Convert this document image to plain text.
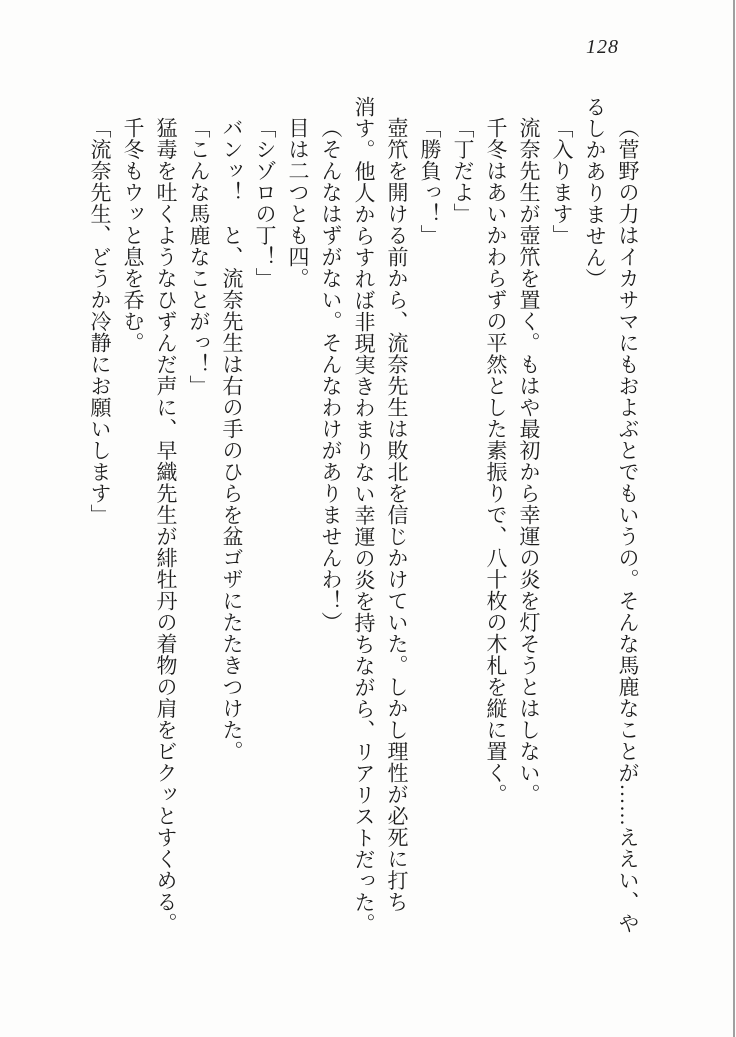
128

（菅野の力はイカサマにもおよぶとでもいうの。そんな馬鹿なことが……ええい、や

るしかありません）

「入ります」

流奈先生が壺笊を置く。もはや最初から幸運の炎を灯そうとはしない。

千冬はあいかわらずの平然とした素振りで、八十枚の木札を縦に置く。

「丁だよ」

「勝負っ！」

壺笊を開ける前から、流奈先生は敗北を信じかけていた。しかし理性が必死に打ち

消す。他人からすれば非現実きわまりない幸運の炎を持ちながら、リアリストだった。

（そんなはずがない。そんなわけがありませんわ！）

目は二つとも四。

「シゾロの丁！」

バンッ！　と、流奈先生は右の手のひらを盆ゴザにたたきつけた。

「こんな馬鹿なことがっ！」

猛毒を吐くようなひずんだ声に、早織先生が緋牡丹の着物の肩をビクッとすくめる。

千冬もウッと息を呑む。

「流奈先生、どうか冷静にお願いします」
